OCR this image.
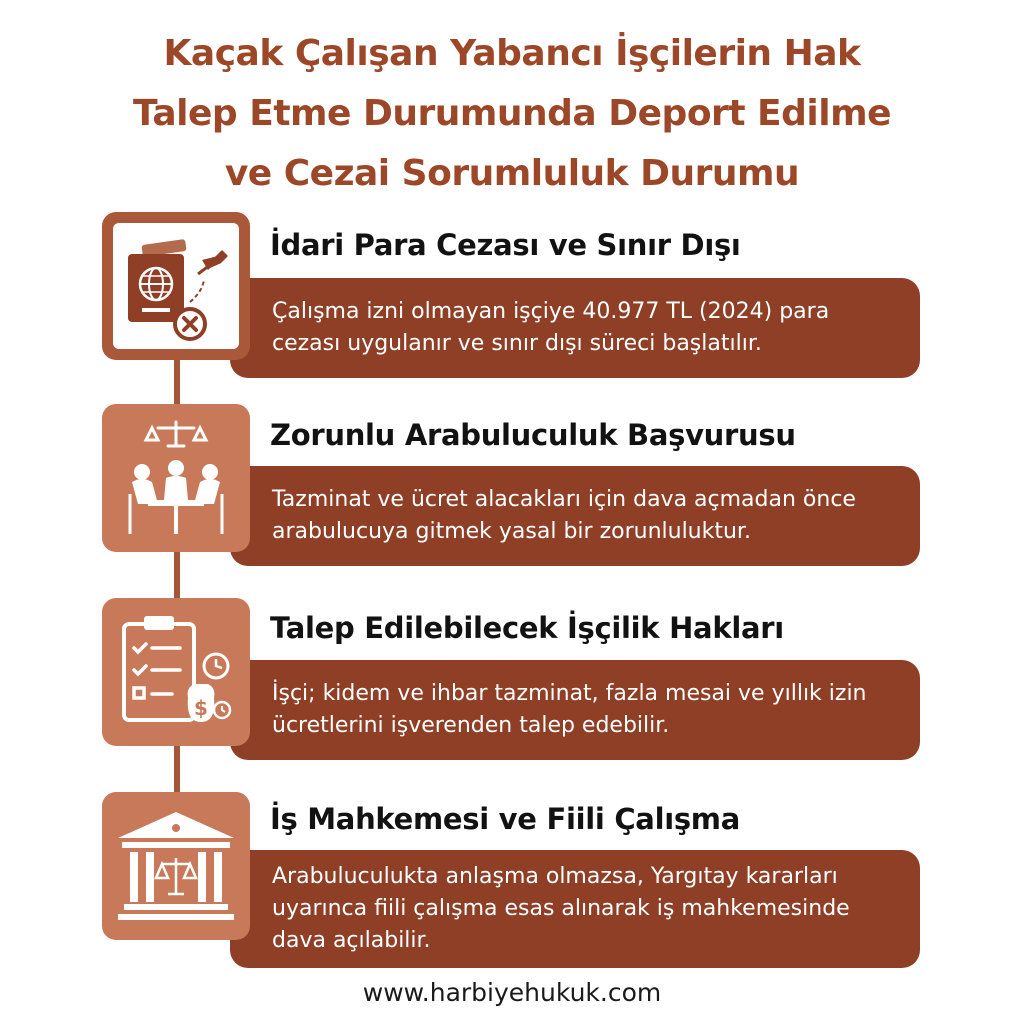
Kaçak Çalışan Yabancı İşçilerin Hak
Talep Etme Durumunda Deport Edilme
ve Cezai Sorumluluk Durumu
Çalışma izni olmayan işçiye 40.977 TL (2024) para cezası uygulanır ve sınır dışı süreci başlatılır.
İdari Para Cezası ve Sınır Dışı
Tazminat ve ücret alacakları için dava açmadan önce arabulucuya gitmek yasal bir zorunluluktur.
Zorunlu Arabuluculuk Başvurusu
İşçi; kidem ve ihbar tazminat, fazla mesai ve yıllık izin ücretlerini işverenden talep edebilir.
$
Talep Edilebilecek İşçilik Hakları
Arabuluculukta anlaşma olmazsa, Yargıtay kararları uyarınca fiili çalışma esas alınarak iş mahkemesinde dava açılabilir.
İş Mahkemesi ve Fiili Çalışma
www.harbiyehukuk.com
